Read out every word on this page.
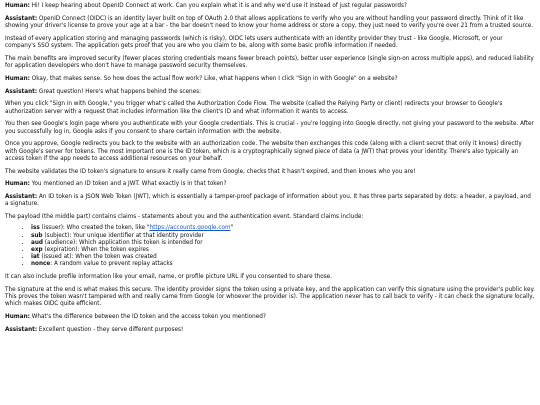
Human: Hi! I keep hearing about OpenID Connect at work. Can you explain what it is and why we'd use it instead of just regular passwords?

Assistant: OpenID Connect (OIDC) is an identity layer built on top of OAuth 2.0 that allows applications to verify who you are without handling your password directly. Think of it like showing your driver's license to prove your age at a bar - the bar doesn't need to know your home address or store a copy, they just need to verify you're over 21 from a trusted source.

Instead of every application storing and managing passwords (which is risky), OIDC lets users authenticate with an identity provider they trust - like Google, Microsoft, or your company's SSO system. The application gets proof that you are who you claim to be, along with some basic profile information if needed.

The main benefits are improved security (fewer places storing credentials means fewer breach points), better user experience (single sign-on across multiple apps), and reduced liability for application developers who don't have to manage password security themselves.

Human: Okay, that makes sense. So how does the actual flow work? Like, what happens when I click "Sign in with Google" on a website?

Assistant: Great question! Here's what happens behind the scenes:

When you click "Sign in with Google," you trigger what's called the Authorization Code Flow. The website (called the Relying Party or client) redirects your browser to Google's authorization server with a request that includes information like the client's ID and what information it wants to access.

You then see Google's login page where you authenticate with your Google credentials. This is crucial - you're logging into Google directly, not giving your password to the website. After you successfully log in, Google asks if you consent to share certain information with the website.

Once you approve, Google redirects you back to the website with an authorization code. The website then exchanges this code (along with a client secret that only it knows) directly with Google's server for tokens. The most important one is the ID token, which is a cryptographically signed piece of data (a JWT) that proves your identity. There's also typically an access token if the app needs to access additional resources on your behalf.

The website validates the ID token's signature to ensure it really came from Google, checks that it hasn't expired, and then knows who you are!

Human: You mentioned an ID token and a JWT. What exactly is in that token?

Assistant: An ID token is a JSON Web Token (JWT), which is essentially a tamper-proof package of information about you. It has three parts separated by dots: a header, a payload, and a signature.

The payload (the middle part) contains claims - statements about you and the authentication event. Standard claims include:

• iss (issuer): Who created the token, like "https://accounts.google.com"
• sub (subject): Your unique identifier at that identity provider
• aud (audience): Which application this token is intended for
• exp (expiration): When the token expires
• iat (issued at): When the token was created
• nonce: A random value to prevent replay attacks

It can also include profile information like your email, name, or profile picture URL if you consented to share those.

The signature at the end is what makes this secure. The identity provider signs the token using a private key, and the application can verify this signature using the provider's public key. This proves the token wasn't tampered with and really came from Google (or whoever the provider is). The application never has to call back to verify - it can check the signature locally, which makes OIDC quite efficient.

Human: What's the difference between the ID token and the access token you mentioned?

Assistant: Excellent question - they serve different purposes!
